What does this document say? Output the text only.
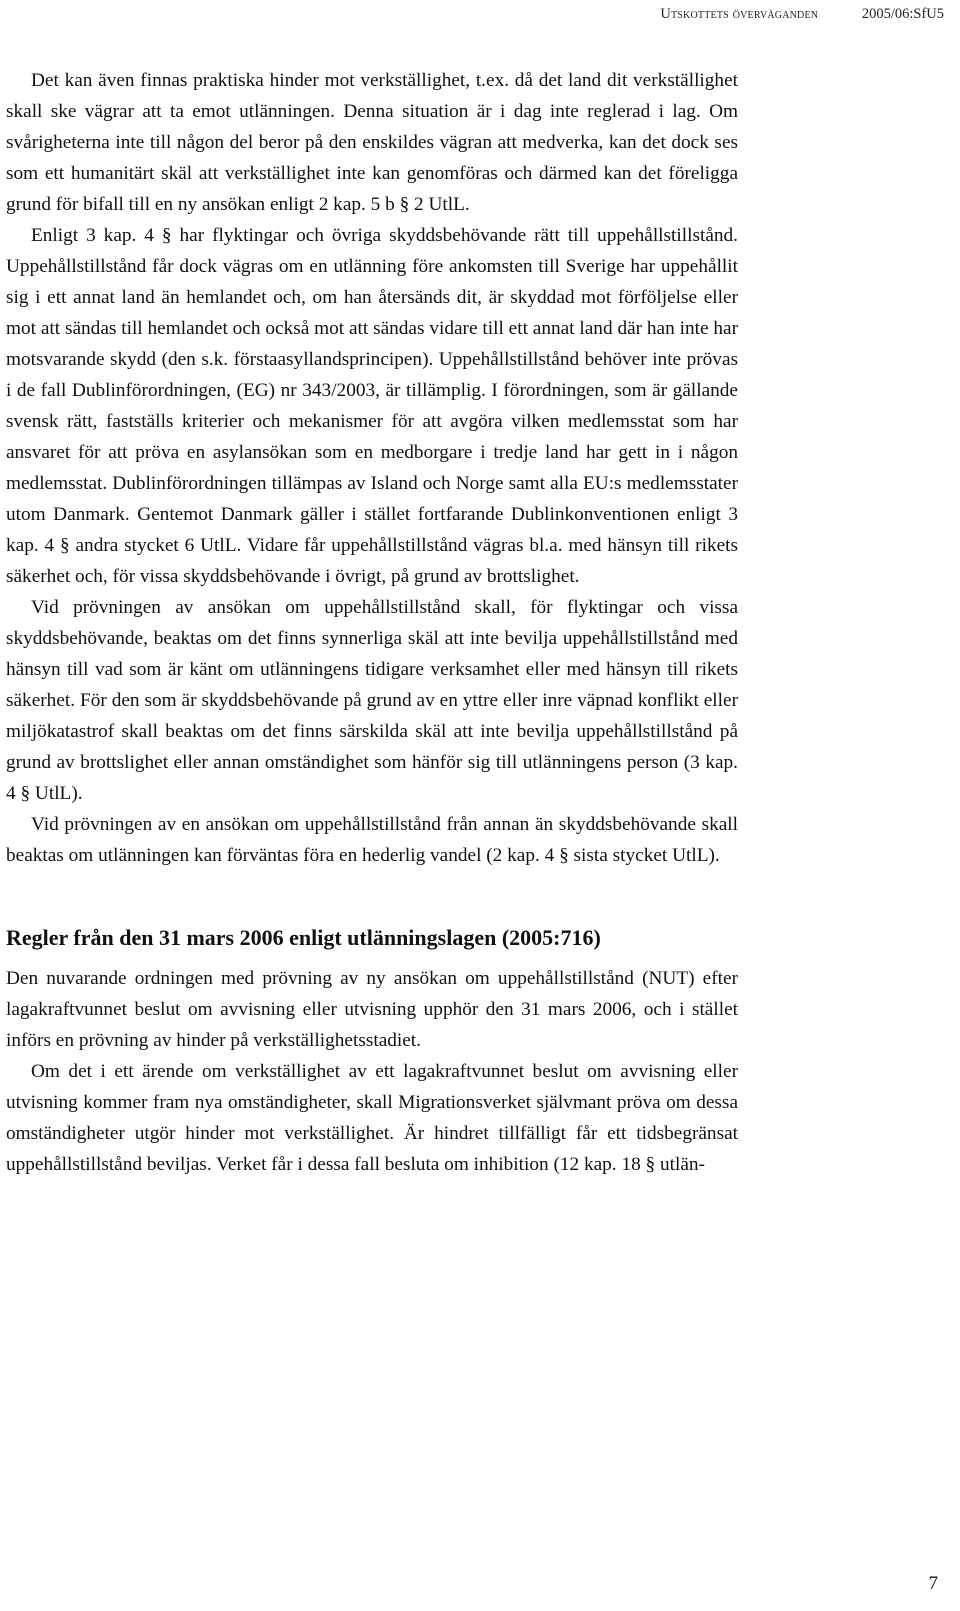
Utskottets överväganden	2005/06:SfU5

Det kan även finnas praktiska hinder mot verkställighet, t.ex. då det land dit verkställighet skall ske vägrar att ta emot utlänningen. Denna situation är i dag inte reglerad i lag. Om svårigheterna inte till någon del beror på den enskildes vägran att medverka, kan det dock ses som ett humanitärt skäl att verkställighet inte kan genomföras och därmed kan det föreligga grund för bifall till en ny ansökan enligt 2 kap. 5 b § 2 UtlL.

Enligt 3 kap. 4 § har flyktingar och övriga skyddsbehövande rätt till uppehållstillstånd. Uppehållstillstånd får dock vägras om en utlänning före ankomsten till Sverige har uppehållit sig i ett annat land än hemlandet och, om han återsänds dit, är skyddad mot förföljelse eller mot att sändas till hemlandet och också mot att sändas vidare till ett annat land där han inte har motsvarande skydd (den s.k. förstaasyllandsprincipen). Uppehållstillstånd behöver inte prövas i de fall Dublinförordningen, (EG) nr 343/2003, är tillämplig. I förordningen, som är gällande svensk rätt, fastställs kriterier och mekanismer för att avgöra vilken medlemsstat som har ansvaret för att pröva en asylansökan som en medborgare i tredje land har gett in i någon medlemsstat. Dublinförordningen tillämpas av Island och Norge samt alla EU:s medlemsstater utom Danmark. Gentemot Danmark gäller i stället fortfarande Dublinkonventionen enligt 3 kap. 4 § andra stycket 6 UtlL. Vidare får uppehållstillstånd vägras bl.a. med hänsyn till rikets säkerhet och, för vissa skyddsbehövande i övrigt, på grund av brottslighet.

Vid prövningen av ansökan om uppehållstillstånd skall, för flyktingar och vissa skyddsbehövande, beaktas om det finns synnerliga skäl att inte bevilja uppehållstillstånd med hänsyn till vad som är känt om utlänningens tidigare verksamhet eller med hänsyn till rikets säkerhet. För den som är skyddsbehövande på grund av en yttre eller inre väpnad konflikt eller miljökatastrof skall beaktas om det finns särskilda skäl att inte bevilja uppehållstillstånd på grund av brottslighet eller annan omständighet som hänför sig till utlänningens person (3 kap. 4 § UtlL).

Vid prövningen av en ansökan om uppehållstillstånd från annan än skyddsbehövande skall beaktas om utlänningen kan förväntas föra en hederlig vandel (2 kap. 4 § sista stycket UtlL).

Regler från den 31 mars 2006 enligt utlänningslagen (2005:716)

Den nuvarande ordningen med prövning av ny ansökan om uppehållstillstånd (NUT) efter lagakraftvunnet beslut om avvisning eller utvisning upphör den 31 mars 2006, och i stället införs en prövning av hinder på verkställighetsstadiet.

Om det i ett ärende om verkställighet av ett lagakraftvunnet beslut om avvisning eller utvisning kommer fram nya omständigheter, skall Migrationsverket självmant pröva om dessa omständigheter utgör hinder mot verkställighet. Är hindret tillfälligt får ett tidsbegränsat uppehållstillstånd beviljas. Verket får i dessa fall besluta om inhibition (12 kap. 18 § utlän-

7
